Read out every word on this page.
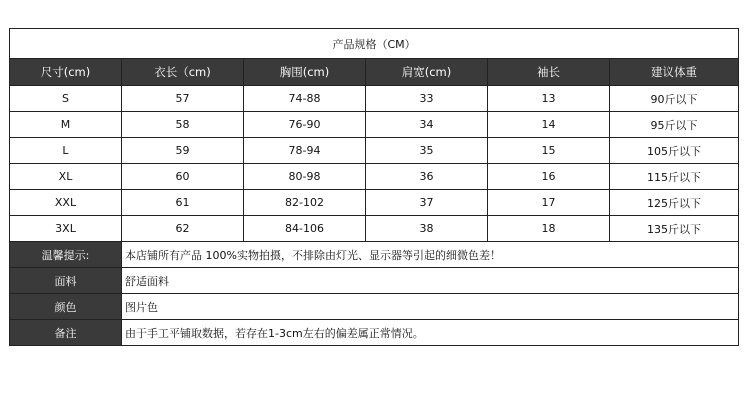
产品规格（CM）					
尺寸(cm)	衣长（cm)	胸围(cm)	肩宽(cm)	袖长	建议体重
S	57	74-88	33	13	90斤以下
M	58	76-90	34	14	95斤以下
L	59	78-94	35	15	105斤以下
XL	60	80-98	36	16	115斤以下
XXL	61	82-102	37	17	125斤以下
3XL	62	84-106	38	18	135斤以下
温馨提示:	本店铺所有产品 100%实物拍摄，不排除由灯光、显示器等引起的细微色差！				
面料	舒适面料				
颜色	图片色				
备注	由于手工平铺取数据，若存在1-3cm左右的偏差属正常情况。				
